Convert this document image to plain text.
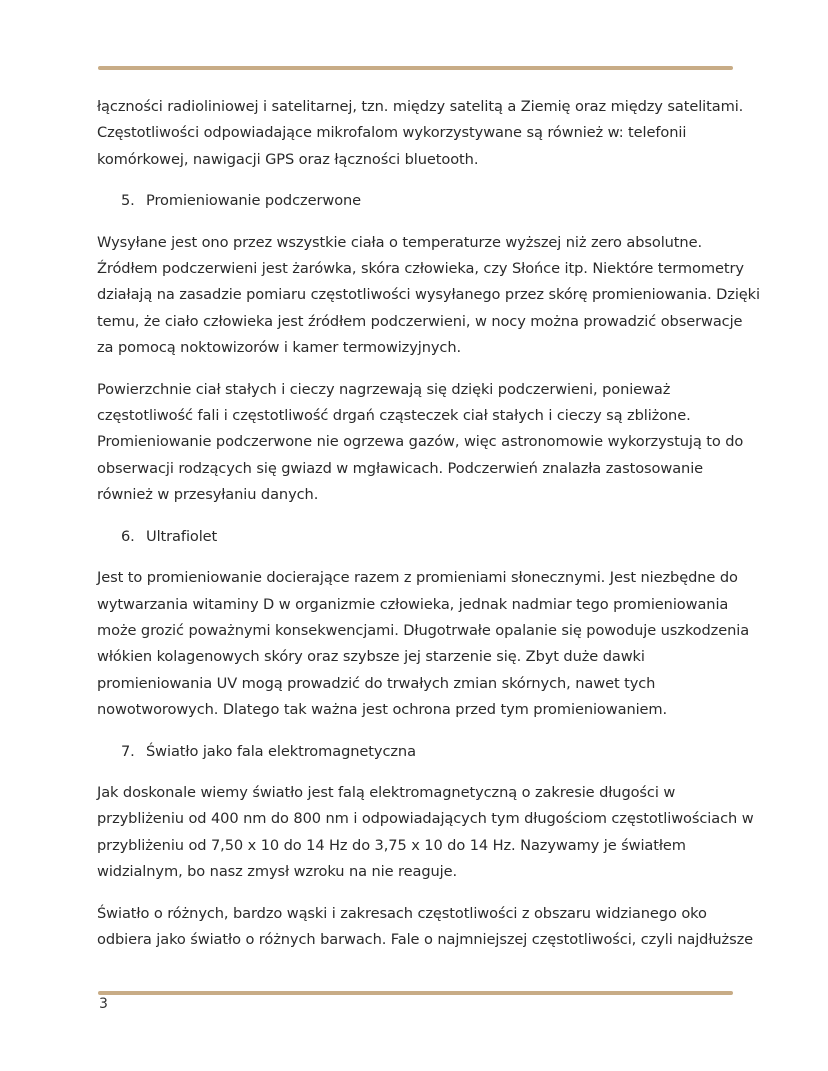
łączności radioliniowej i satelitarnej, tzn. między satelitą a Ziemię oraz między satelitami.
Częstotliwości odpowiadające mikrofalom wykorzystywane są również w: telefonii
komórkowej, nawigacji GPS oraz łączności bluetooth.

5. Promieniowanie podczerwone

Wysyłane jest ono przez wszystkie ciała o temperaturze wyższej niż zero absolutne.
Źródłem podczerwieni jest żarówka, skóra człowieka, czy Słońce itp. Niektóre termometry
działają na zasadzie pomiaru częstotliwości wysyłanego przez skórę promieniowania. Dzięki
temu, że ciało człowieka jest źródłem podczerwieni, w nocy można prowadzić obserwacje
za pomocą noktowizorów i kamer termowizyjnych.

Powierzchnie ciał stałych i cieczy nagrzewają się dzięki podczerwieni, ponieważ
częstotliwość fali i częstotliwość drgań cząsteczek ciał stałych i cieczy są zbliżone.
Promieniowanie podczerwone nie ogrzewa gazów, więc astronomowie wykorzystują to do
obserwacji rodzących się gwiazd w mgławicach. Podczerwień znalazła zastosowanie
również w przesyłaniu danych.

6. Ultrafiolet

Jest to promieniowanie docierające razem z promieniami słonecznymi. Jest niezbędne do
wytwarzania witaminy D w organizmie człowieka, jednak nadmiar tego promieniowania
może grozić poważnymi konsekwencjami. Długotrwałe opalanie się powoduje uszkodzenia
włókien kolagenowych skóry oraz szybsze jej starzenie się. Zbyt duże dawki
promieniowania UV mogą prowadzić do trwałych zmian skórnych, nawet tych
nowotworowych. Dlatego tak ważna jest ochrona przed tym promieniowaniem.

7. Światło jako fala elektromagnetyczna

Jak doskonale wiemy światło jest falą elektromagnetyczną o zakresie długości w
przybliżeniu od 400 nm do 800 nm i odpowiadających tym długościom częstotliwościach w
przybliżeniu od 7,50 x 10 do 14 Hz do 3,75 x 10 do 14 Hz. Nazywamy je światłem
widzialnym, bo nasz zmysł wzroku na nie reaguje.

Światło o różnych, bardzo wąski i zakresach częstotliwości z obszaru widzianego oko
odbiera jako światło o różnych barwach. Fale o najmniejszej częstotliwości, czyli najdłuższe

3
